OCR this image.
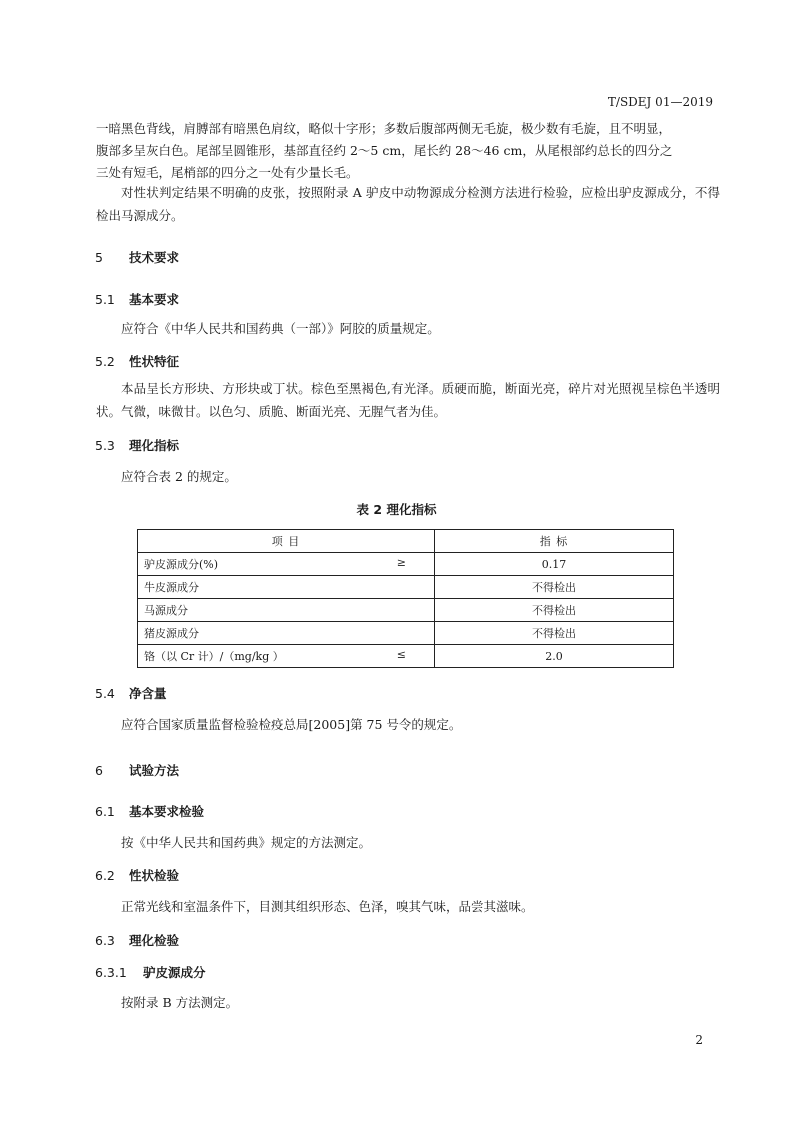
T/SDEJ 01—2019

一暗黑色背线，肩膊部有暗黑色肩纹，略似十字形；多数后腹部两侧无毛旋，极少数有毛旋，且不明显，

腹部多呈灰白色。尾部呈圆锥形，基部直径约 2～5 cm，尾长约 28～46 cm，从尾根部约总长的四分之

三处有短毛，尾梢部的四分之一处有少量长毛。

对性状判定结果不明确的皮张，按照附录 A 驴皮中动物源成分检测方法进行检验，应检出驴皮源成分，不得检出马源成分。

5 技术要求
5.1 基本要求

应符合《中华人民共和国药典（一部）》阿胶的质量规定。

5.2 性状特征

本品呈长方形块、方形块或丁状。棕色至黑褐色,有光泽。质硬而脆，断面光亮，碎片对光照视呈棕色半透明状。气微，味微甘。以色匀、质脆、断面光亮、无腥气者为佳。

5.3 理化指标

应符合表 2 的规定。

表 2 理化指标
项 目	指 标
驴皮源成分(%) ≥	0.17
牛皮源成分	不得检出
马源成分	不得检出
猪皮源成分	不得检出
铬（以 Cr 计）/（mg/kg ） ≤	2.0
5.4 净含量

应符合国家质量监督检验检疫总局[2005]第 75 号令的规定。

6 试验方法
6.1 基本要求检验

按《中华人民共和国药典》规定的方法测定。

6.2 性状检验

正常光线和室温条件下，目测其组织形态、色泽，嗅其气味，品尝其滋味。

6.3 理化检验
6.3.1 驴皮源成分

按附录 B 方法测定。

2
